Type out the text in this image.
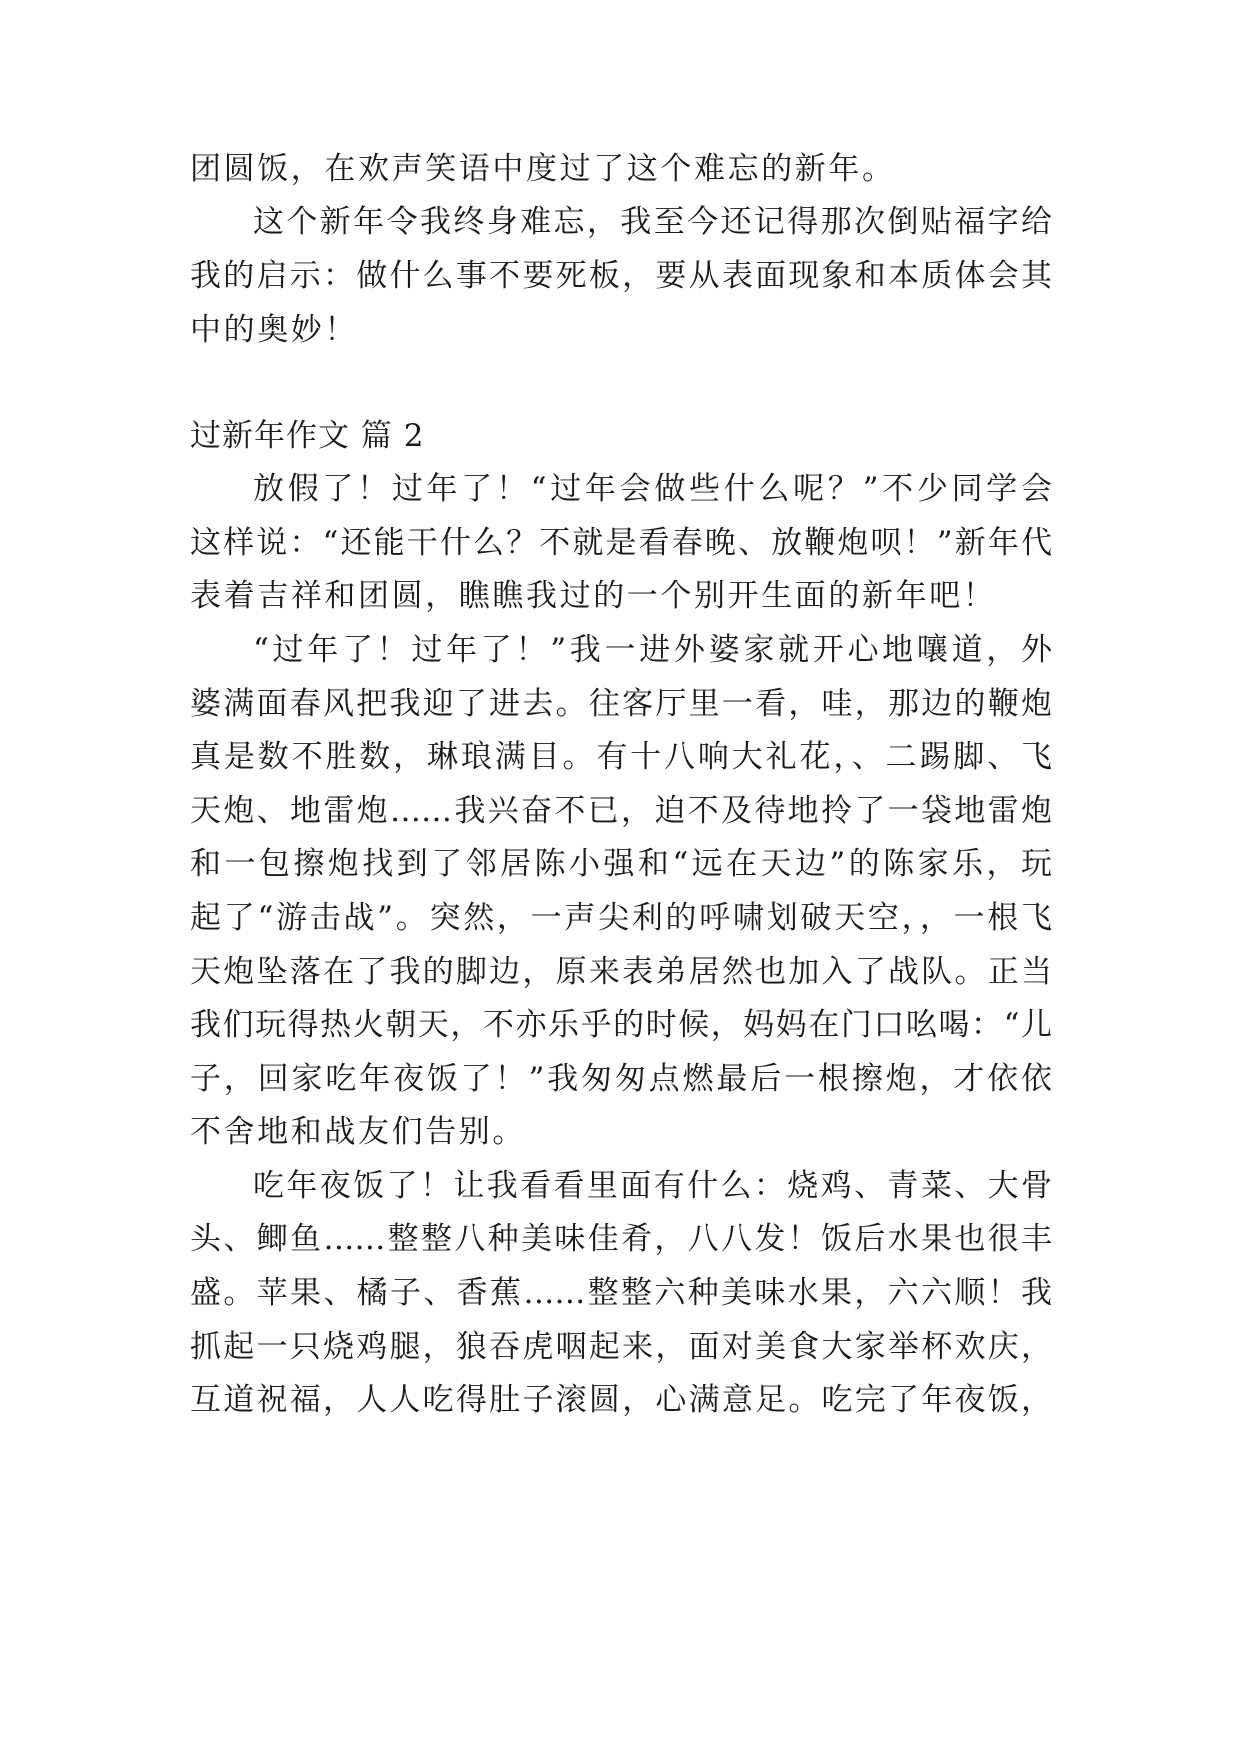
团圆饭，在欢声笑语中度过了这个难忘的新年。
这个新年令我终身难忘，我至今还记得那次倒贴福字给
我的启示：做什么事不要死板，要从表面现象和本质体会其
中的奥妙！
过新年作文 篇 2
放假了！过年了！“过年会做些什么呢？”不少同学会
这样说：“还能干什么？不就是看春晚、放鞭炮呗！”新年代
表着吉祥和团圆，瞧瞧我过的一个别开生面的新年吧！
“过年了！过年了！”我一进外婆家就开心地嚷道，外
婆满面春风把我迎了进去。往客厅里一看，哇，那边的鞭炮
真是数不胜数，琳琅满目。有十八响大礼花，、二踢脚、飞
天炮、地雷炮……我兴奋不已，迫不及待地拎了一袋地雷炮
和一包擦炮找到了邻居陈小强和“远在天边”的陈家乐，玩
起了“游击战”。突然，一声尖利的呼啸划破天空，，一根飞
天炮坠落在了我的脚边，原来表弟居然也加入了战队。正当
我们玩得热火朝天，不亦乐乎的时候，妈妈在门口吆喝：“儿
子，回家吃年夜饭了！”我匆匆点燃最后一根擦炮，才依依
不舍地和战友们告别。
吃年夜饭了！让我看看里面有什么：烧鸡、青菜、大骨
头、鲫鱼……整整八种美味佳肴，八八发！饭后水果也很丰
盛。苹果、橘子、香蕉……整整六种美味水果，六六顺！我
抓起一只烧鸡腿，狼吞虎咽起来，面对美食大家举杯欢庆，
互道祝福，人人吃得肚子滚圆，心满意足。吃完了年夜饭，
